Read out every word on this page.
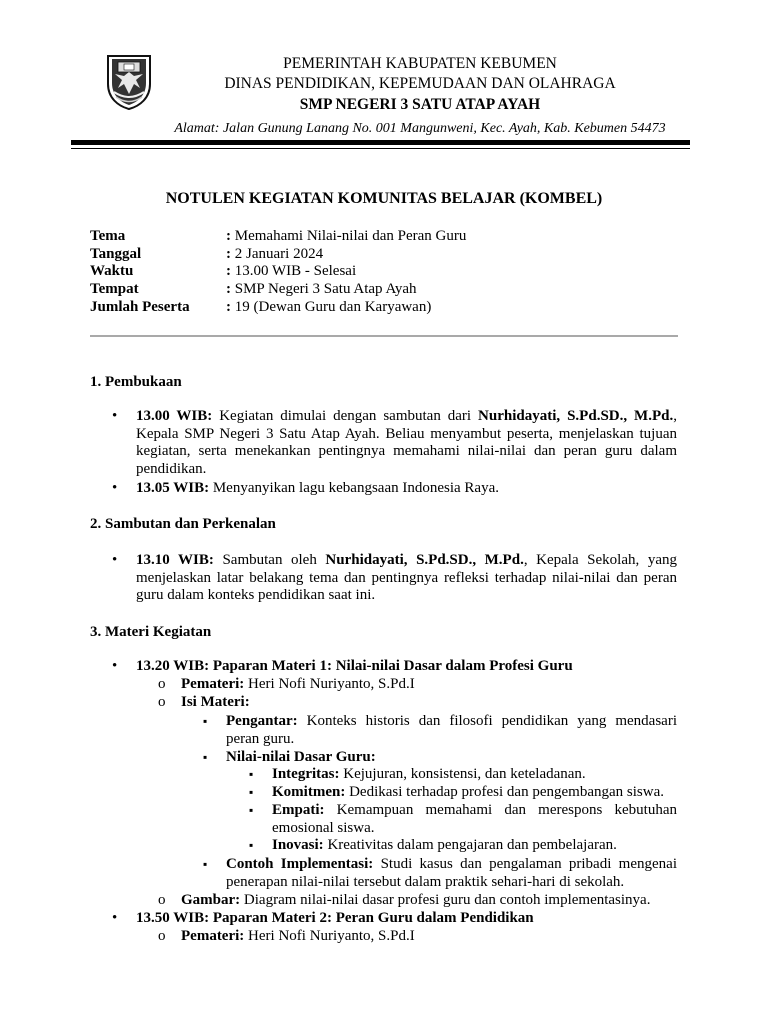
PEMERINTAH KABUPATEN KEBUMEN
DINAS PENDIDIKAN, KEPEMUDAAN DAN OLAHRAGA
SMP NEGERI 3 SATU ATAP AYAH
Alamat: Jalan Gunung Lanang No. 001 Mangunweni, Kec. Ayah, Kab. Kebumen 54473
NOTULEN KEGIATAN KOMUNITAS BELAJAR (KOMBEL)
Tema	: Memahami Nilai-nilai dan Peran Guru
Tanggal	: 2 Januari 2024
Waktu	: 13.00 WIB - Selesai
Tempat	: SMP Negeri 3 Satu Atap Ayah
Jumlah Peserta	: 19 (Dewan Guru dan Karyawan)
1. Pembukaan
• 13.00 WIB: Kegiatan dimulai dengan sambutan dari Nurhidayati, S.Pd.SD., M.Pd., Kepala SMP Negeri 3 Satu Atap Ayah. Beliau menyambut peserta, menjelaskan tujuan kegiatan, serta menekankan pentingnya memahami nilai-nilai dan peran guru dalam pendidikan.
• 13.05 WIB: Menyanyikan lagu kebangsaan Indonesia Raya.
2. Sambutan dan Perkenalan
• 13.10 WIB: Sambutan oleh Nurhidayati, S.Pd.SD., M.Pd., Kepala Sekolah, yang menjelaskan latar belakang tema dan pentingnya refleksi terhadap nilai-nilai dan peran guru dalam konteks pendidikan saat ini.
3. Materi Kegiatan
• 13.20 WIB: Paparan Materi 1: Nilai-nilai Dasar dalam Profesi Guru
o Pemateri: Heri Nofi Nuriyanto, S.Pd.I
o Isi Materi:
▪ Pengantar: Konteks historis dan filosofi pendidikan yang mendasari peran guru.
▪ Nilai-nilai Dasar Guru:
▪ Integritas: Kejujuran, konsistensi, dan keteladanan.
▪ Komitmen: Dedikasi terhadap profesi dan pengembangan siswa.
▪ Empati: Kemampuan memahami dan merespons kebutuhan emosional siswa.
▪ Inovasi: Kreativitas dalam pengajaran dan pembelajaran.
▪ Contoh Implementasi: Studi kasus dan pengalaman pribadi mengenai penerapan nilai-nilai tersebut dalam praktik sehari-hari di sekolah.
o Gambar: Diagram nilai-nilai dasar profesi guru dan contoh implementasinya.
• 13.50 WIB: Paparan Materi 2: Peran Guru dalam Pendidikan
o Pemateri: Heri Nofi Nuriyanto, S.Pd.I
